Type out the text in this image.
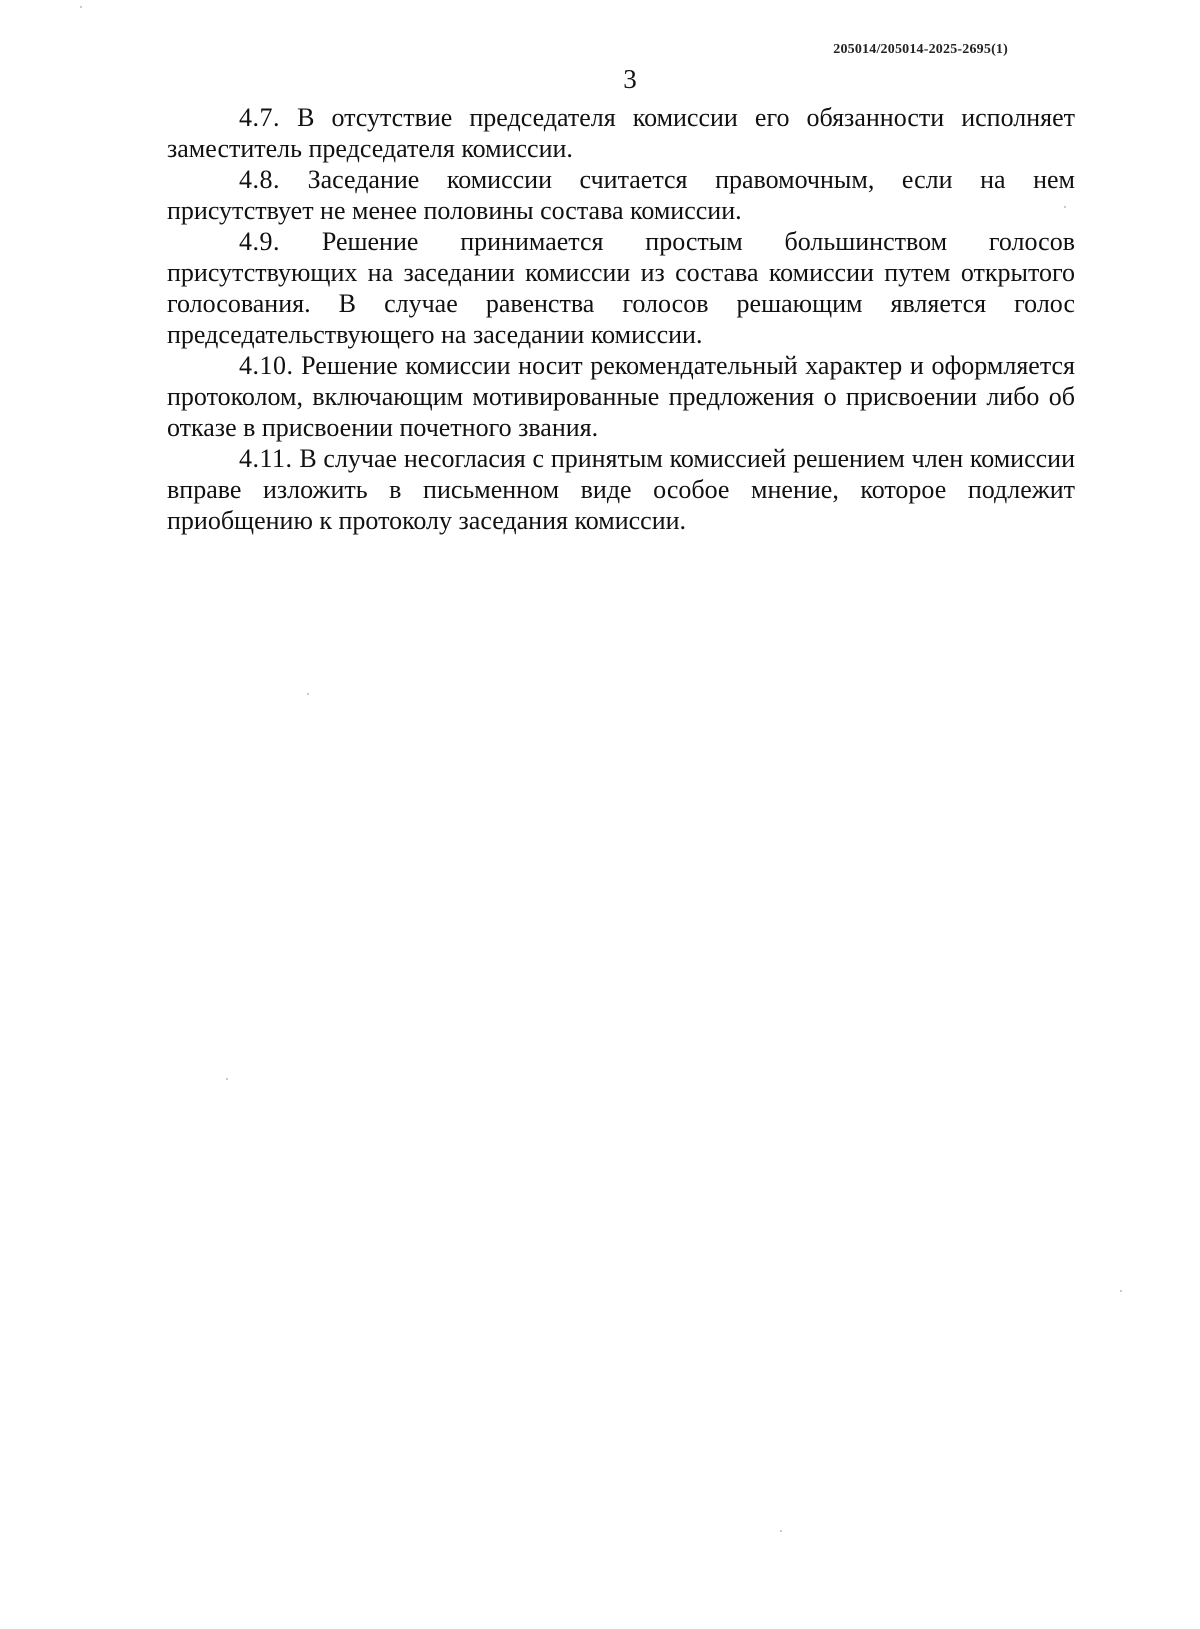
205014/205014-2025-2695(1)
3

4.7. В отсутствие председателя комиссии его обязанности исполняет заместитель председателя комиссии.

4.8. Заседание комиссии считается правомочным, если на нем присутствует не менее половины состава комиссии.

4.9. Решение принимается простым большинством голосов присутствующих на заседании комиссии из состава комиссии путем открытого голосования. В случае равенства голосов решающим является голос председательствующего на заседании комиссии.

4.10. Решение комиссии носит рекомендательный характер и оформляется протоколом, включающим мотивированные предложения о присвоении либо об отказе в присвоении почетного звания.

4.11. В случае несогласия с принятым комиссией решением член комиссии вправе изложить в письменном виде особое мнение, которое подлежит приобщению к протоколу заседания комиссии.
